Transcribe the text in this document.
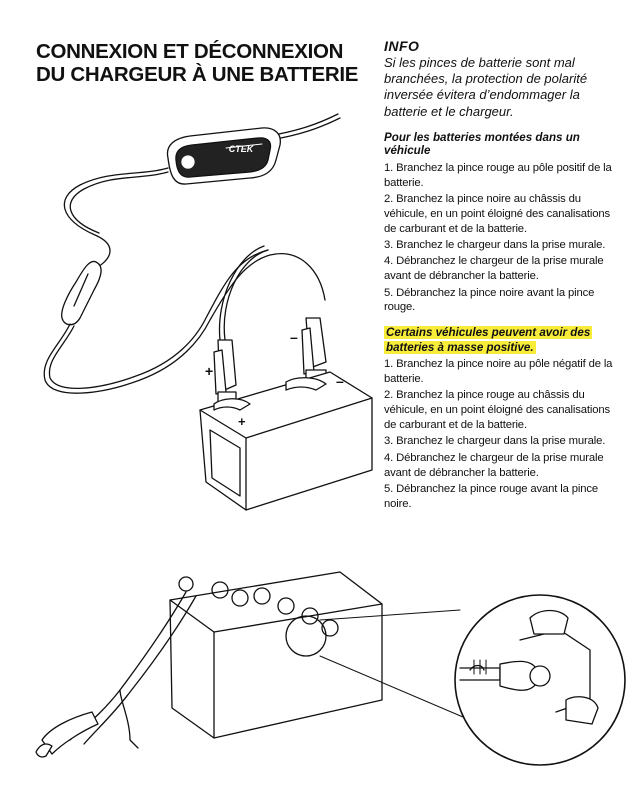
CONNEXION ET DÉCONNEXION
DU CHARGEUR À UNE BATTERIE
INFO

Si les pinces de batterie sont mal branchées, la protection de polarité inversée évitera d’endommager la batterie et le chargeur.

Pour les batteries montées dans un véhicule
1. Branchez la pince rouge au pôle positif de la batterie.
2. Branchez la pince noire au châssis du véhicule, en un point éloigné des canalisations de carburant et de la batterie.
3. Branchez le chargeur dans la prise murale.
4. Débranchez le chargeur de la prise murale avant de débrancher la batterie.
5. Débranchez la pince noire avant la pince rouge.
Certains véhicules peuvent avoir des batteries à masse positive.
1. Branchez la pince noire au pôle négatif de la batterie.
2. Branchez la pince rouge au châssis du véhicule, en un point éloigné des canalisations de carburant et de la batterie.
3. Branchez le chargeur dans la prise murale.
4. Débranchez le chargeur de la prise murale avant de débrancher la batterie.
5. Débranchez la pince rouge avant la pince noire.
CTEK
+
–
+
–
